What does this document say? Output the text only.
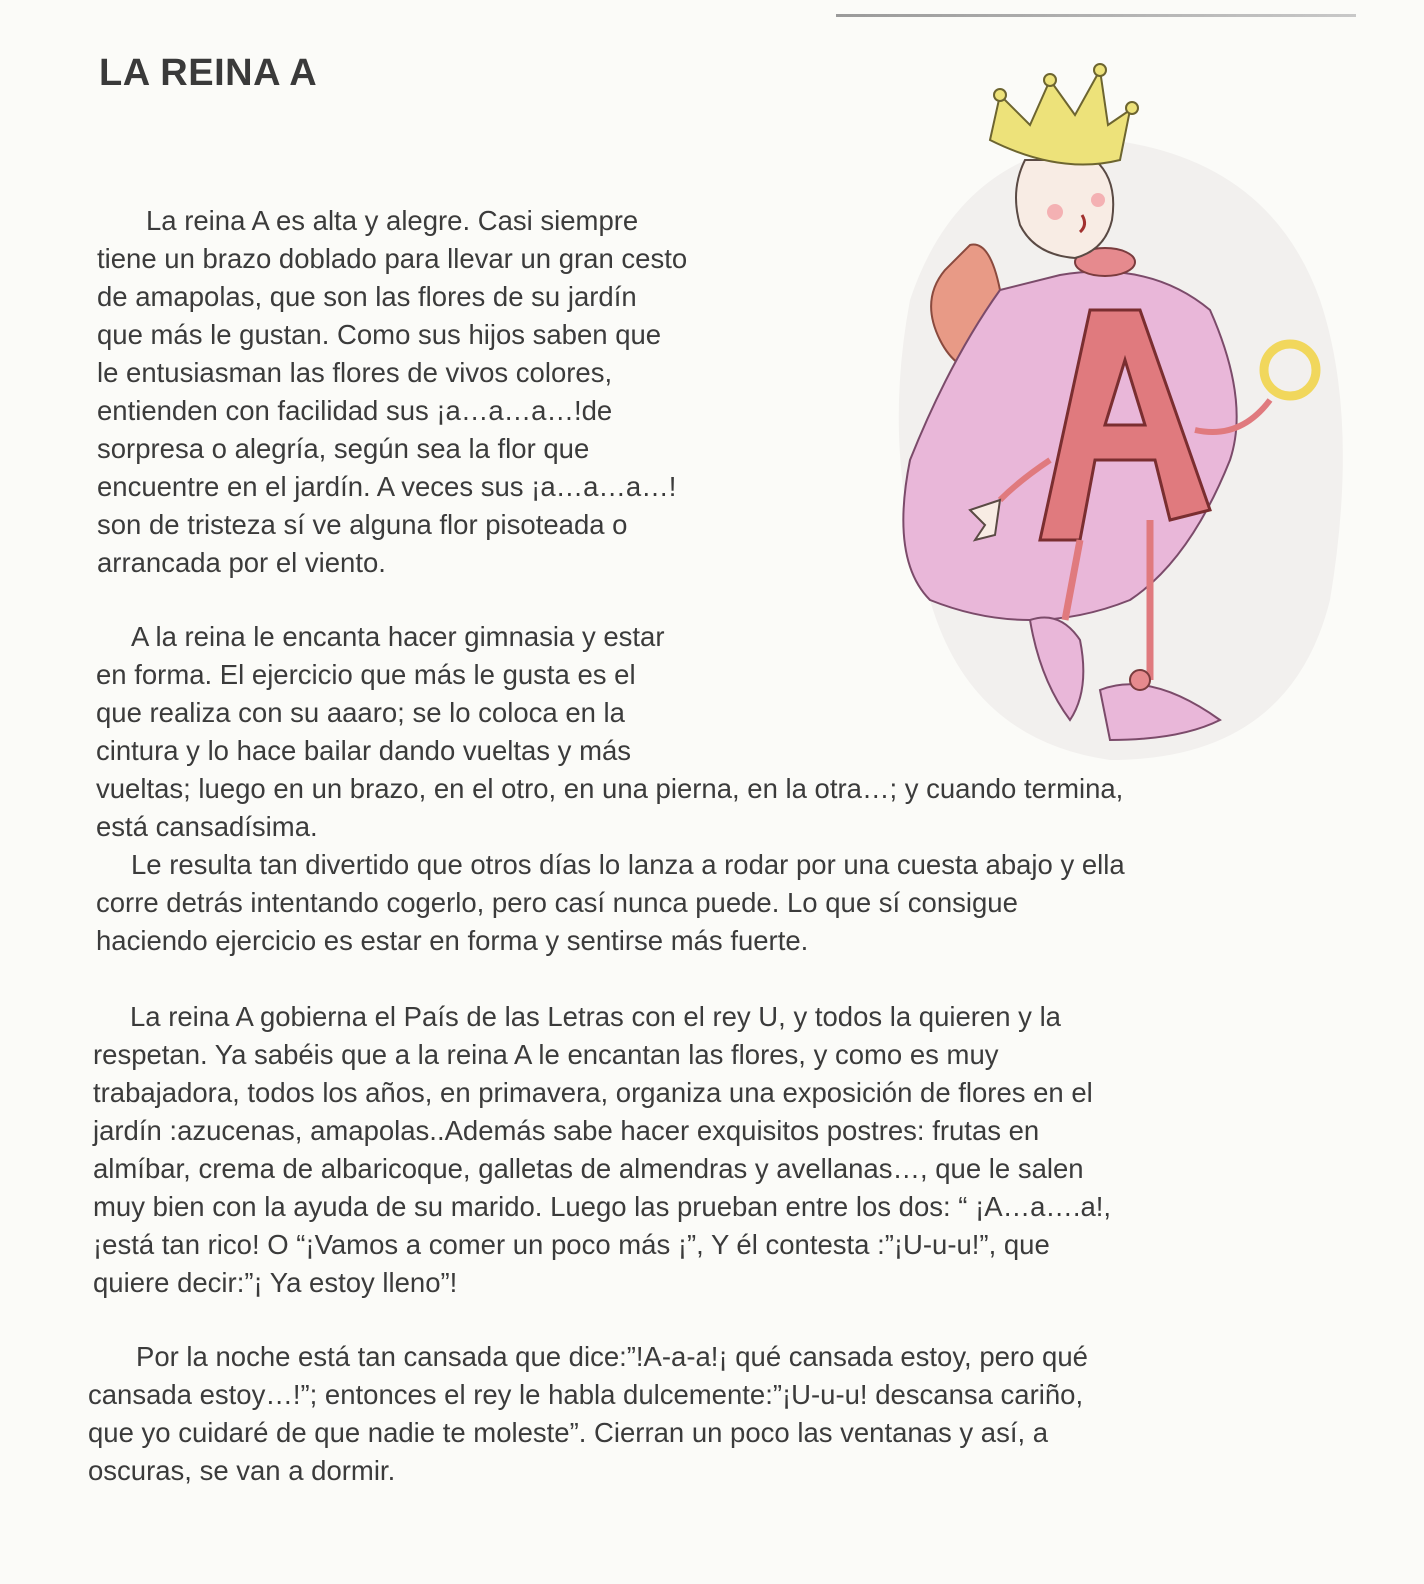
LA REINA A
La reina A es alta y alegre. Casi siempre
tiene un brazo doblado para llevar un gran cesto
de amapolas, que son las flores de su jardín
que más le gustan. Como sus hijos saben que
le entusiasman las flores de vivos colores,
entienden con facilidad sus ¡a…a…a…!de
sorpresa o alegría, según sea la flor que
encuentre en el jardín. A veces sus ¡a…a…a…!
son de tristeza sí ve alguna flor pisoteada o
arrancada por el viento.
A la reina le encanta hacer gimnasia y estar
en forma. El ejercicio que más le gusta es el
que realiza con su aaaro; se lo coloca en la
cintura y lo hace bailar dando vueltas y más
vueltas; luego en un brazo, en el otro, en una pierna, en la otra…; y cuando termina,
está cansadísima.
Le resulta tan divertido que otros días lo lanza a rodar por una cuesta abajo y ella
corre detrás intentando cogerlo, pero casí nunca puede. Lo que sí consigue
haciendo ejercicio es estar en forma y sentirse más fuerte.
La reina A gobierna el País de las Letras con el rey U, y todos la quieren y la
respetan. Ya sabéis que a la reina A le encantan las flores, y como es muy
trabajadora, todos los años, en primavera, organiza una exposición de flores en el
jardín :azucenas, amapolas..Además sabe hacer exquisitos postres: frutas en
almíbar, crema de albaricoque, galletas de almendras y avellanas…, que le salen
muy bien con la ayuda de su marido. Luego las prueban entre los dos: “ ¡A…a….a!,
¡está tan rico! O “¡Vamos a comer un poco más ¡”, Y él contesta :”¡U-u-u!”, que
quiere decir:”¡ Ya estoy lleno”!
Por la noche está tan cansada que dice:”!A-a-a!¡ qué cansada estoy, pero qué
cansada estoy…!”; entonces el rey le habla dulcemente:”¡U-u-u! descansa cariño,
que yo cuidaré de que nadie te moleste”. Cierran un poco las ventanas y así, a
oscuras, se van a dormir.
